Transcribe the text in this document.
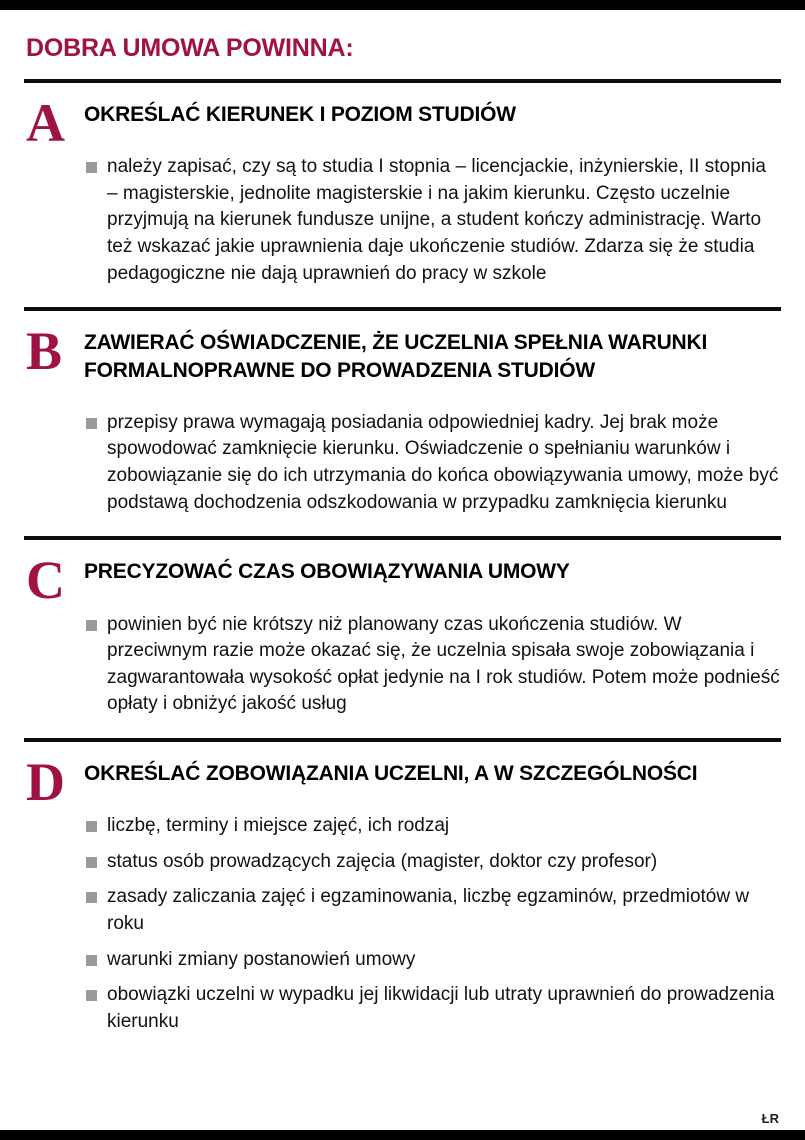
DOBRA UMOWA POWINNA:
A OKREŚLAĆ KIERUNEK I POZIOM STUDIÓW
należy zapisać, czy są to studia I stopnia – licencjackie, inżynierskie, II stopnia – magisterskie, jednolite magisterskie i na jakim kierunku. Często uczelnie przyjmują na kierunek fundusze unijne, a student kończy administrację. Warto też wskazać jakie uprawnienia daje ukończenie studiów. Zdarza się że studia pedagogiczne nie dają uprawnień do pracy w szkole
B	ZAWIERAĆ OŚWIADCZENIE, ŻE UCZELNIA SPEŁNIA WARUNKI FORMALNOPRAWNE DO PROWADZENIA STUDIÓW
przepisy prawa wymagają posiadania odpowiedniej kadry. Jej brak może spowodować zamknięcie kierunku. Oświadczenie o spełnianiu warunków i zobowiązanie się do ich utrzymania do końca obowiązywania umowy, może być podstawą dochodzenia odszkodowania w przypadku zamknięcia kierunku
C PRECYZOWAĆ CZAS OBOWIĄZYWANIA UMOWY
powinien być nie krótszy niż planowany czas ukończenia studiów. W przeciwnym razie może okazać się, że uczelnia spisała swoje zobowiązania i zagwarantowała wysokość opłat jedynie na I rok studiów. Potem może podnieść opłaty i obniżyć jakość usług
D OKREŚLAĆ ZOBOWIĄZANIA UCZELNI, A W SZCZEGÓLNOŚCI
liczbę, terminy i miejsce zajęć, ich rodzaj
status osób prowadzących zajęcia (magister, doktor czy profesor)
zasady zaliczania zajęć i egzaminowania, liczbę egzaminów, przedmiotów w roku
warunki zmiany postanowień umowy
obowiązki uczelni w wypadku jej likwidacji lub utraty uprawnień do prowadzenia kierunku
ŁR
